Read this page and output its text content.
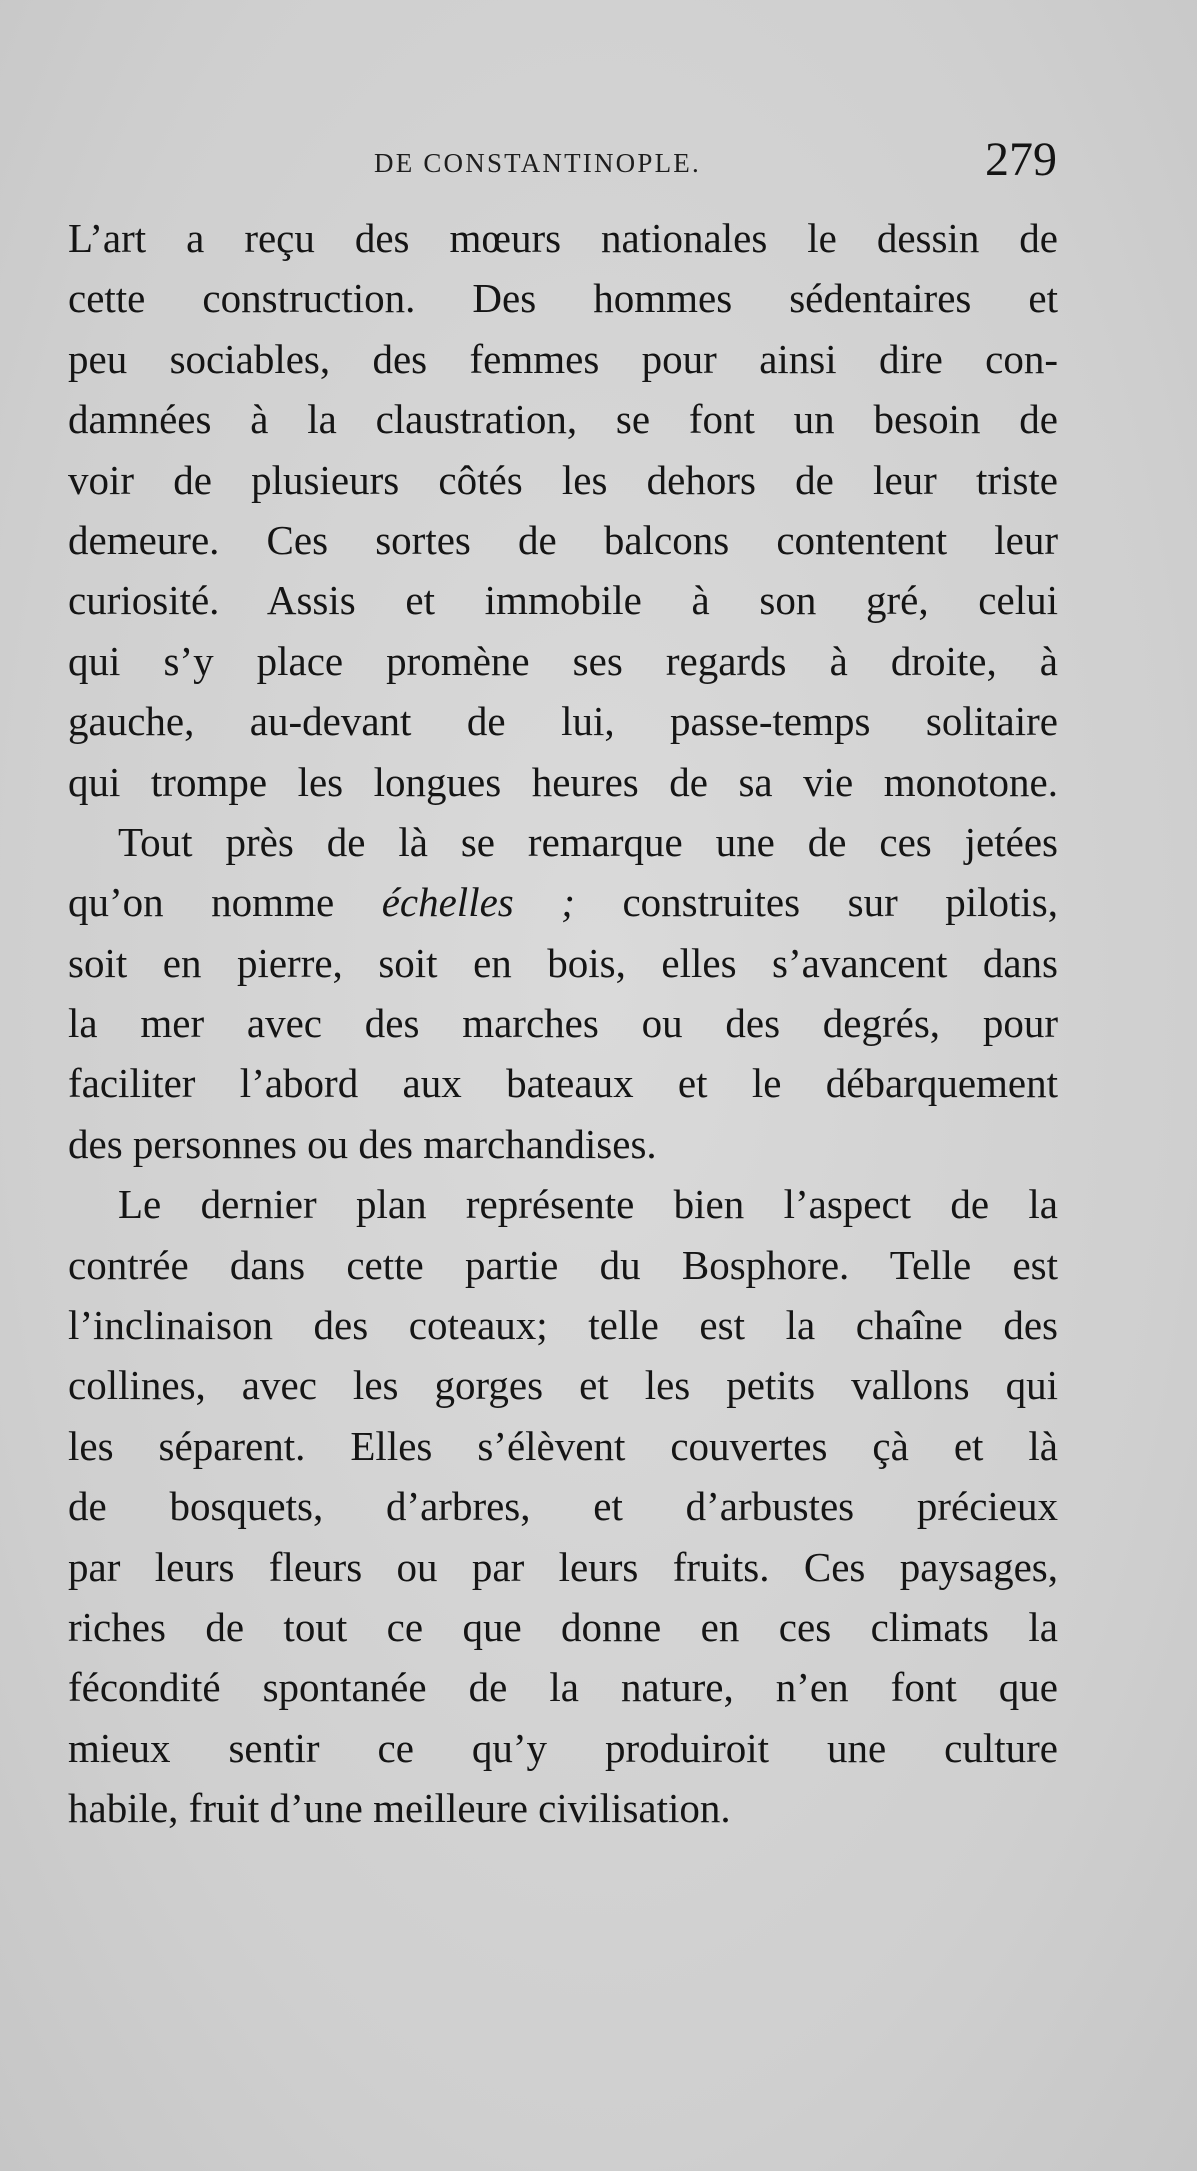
DE CONSTANTINOPLE.	279

L’art a reçu des mœurs nationales le dessin de
cette construction. Des hommes sédentaires et
peu sociables, des femmes pour ainsi dire con-
damnées à la claustration, se font un besoin de
voir de plusieurs côtés les dehors de leur triste
demeure. Ces sortes de balcons contentent leur
curiosité. Assis et immobile à son gré, celui
qui s’y place promène ses regards à droite, à
gauche, au-devant de lui, passe-temps solitaire
qui trompe les longues heures de sa vie monotone.

Tout près de là se remarque une de ces jetées
qu’on nomme échelles ; construites sur pilotis,
soit en pierre, soit en bois, elles s’avancent dans
la mer avec des marches ou des degrés, pour
faciliter l’abord aux bateaux et le débarquement
des personnes ou des marchandises.

Le dernier plan représente bien l’aspect de la
contrée dans cette partie du Bosphore. Telle est
l’inclinaison des coteaux; telle est la chaîne des
collines, avec les gorges et les petits vallons qui
les séparent. Elles s’élèvent couvertes çà et là
de bosquets, d’arbres, et d’arbustes précieux
par leurs fleurs ou par leurs fruits. Ces paysages,
riches de tout ce que donne en ces climats la
fécondité spontanée de la nature, n’en font que
mieux sentir ce qu’y produiroit une culture
habile, fruit d’une meilleure civilisation.
